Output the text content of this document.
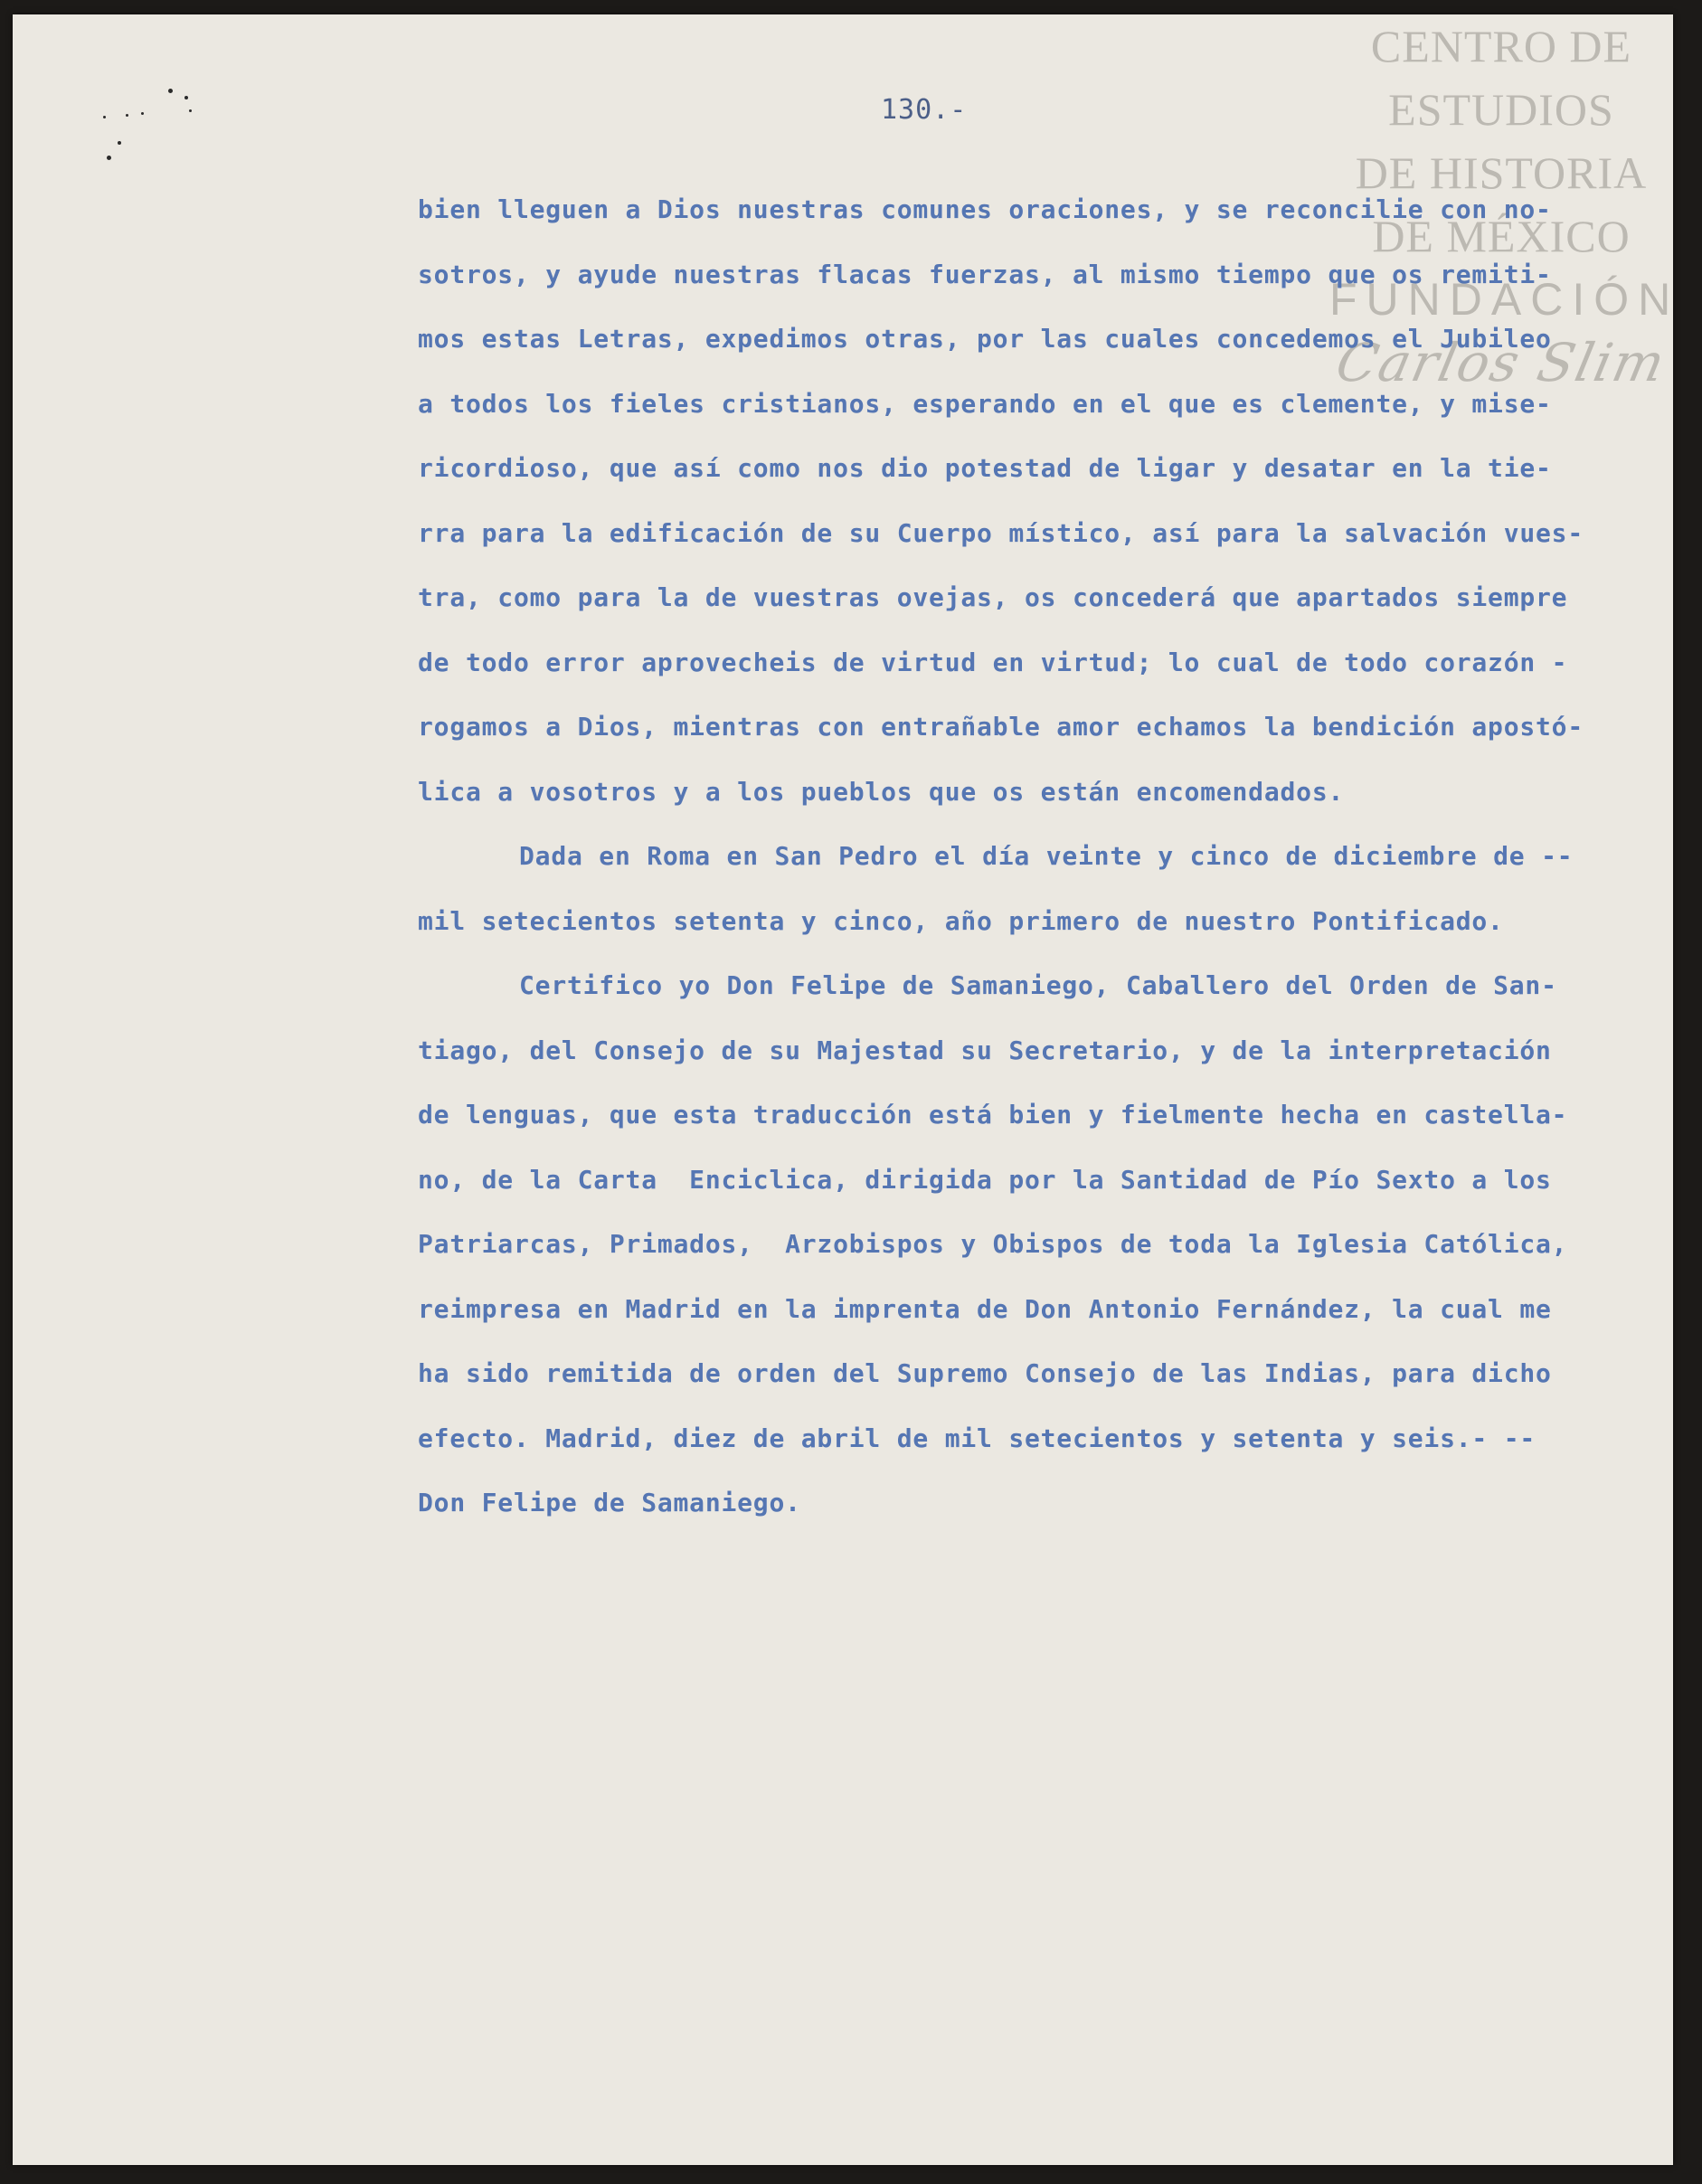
CENTRO DE
ESTUDIOS
DE HISTORIA
DE MÉXICO
FUNDACIÓN
Carlos Slim
130.-
bien lleguen a Dios nuestras comunes oraciones, y se reconcilie con no-
sotros, y ayude nuestras flacas fuerzas, al mismo tiempo que os remiti-
mos estas Letras, expedimos otras, por las cuales concedemos el Jubileo
a todos los fieles cristianos, esperando en el que es clemente, y mise-
ricordioso, que así como nos dio potestad de ligar y desatar en la tie-
rra para la edificación de su Cuerpo místico, así para la salvación vues-
tra, como para la de vuestras ovejas, os concederá que apartados siempre
de todo error aprovecheis de virtud en virtud; lo cual de todo corazón -
rogamos a Dios, mientras con entrañable amor echamos la bendición apostó-
lica a vosotros y a los pueblos que os están encomendados.
Dada en Roma en San Pedro el día veinte y cinco de diciembre de --
mil setecientos setenta y cinco, año primero de nuestro Pontificado.
Certifico yo Don Felipe de Samaniego, Caballero del Orden de San-
tiago, del Consejo de su Majestad su Secretario, y de la interpretación
de lenguas, que esta traducción está bien y fielmente hecha en castella-
no, de la Carta  Enciclica, dirigida por la Santidad de Pío Sexto a los
Patriarcas, Primados,  Arzobispos y Obispos de toda la Iglesia Católica,
reimpresa en Madrid en la imprenta de Don Antonio Fernández, la cual me
ha sido remitida de orden del Supremo Consejo de las Indias, para dicho
efecto. Madrid, diez de abril de mil setecientos y setenta y seis.- --
Don Felipe de Samaniego.
